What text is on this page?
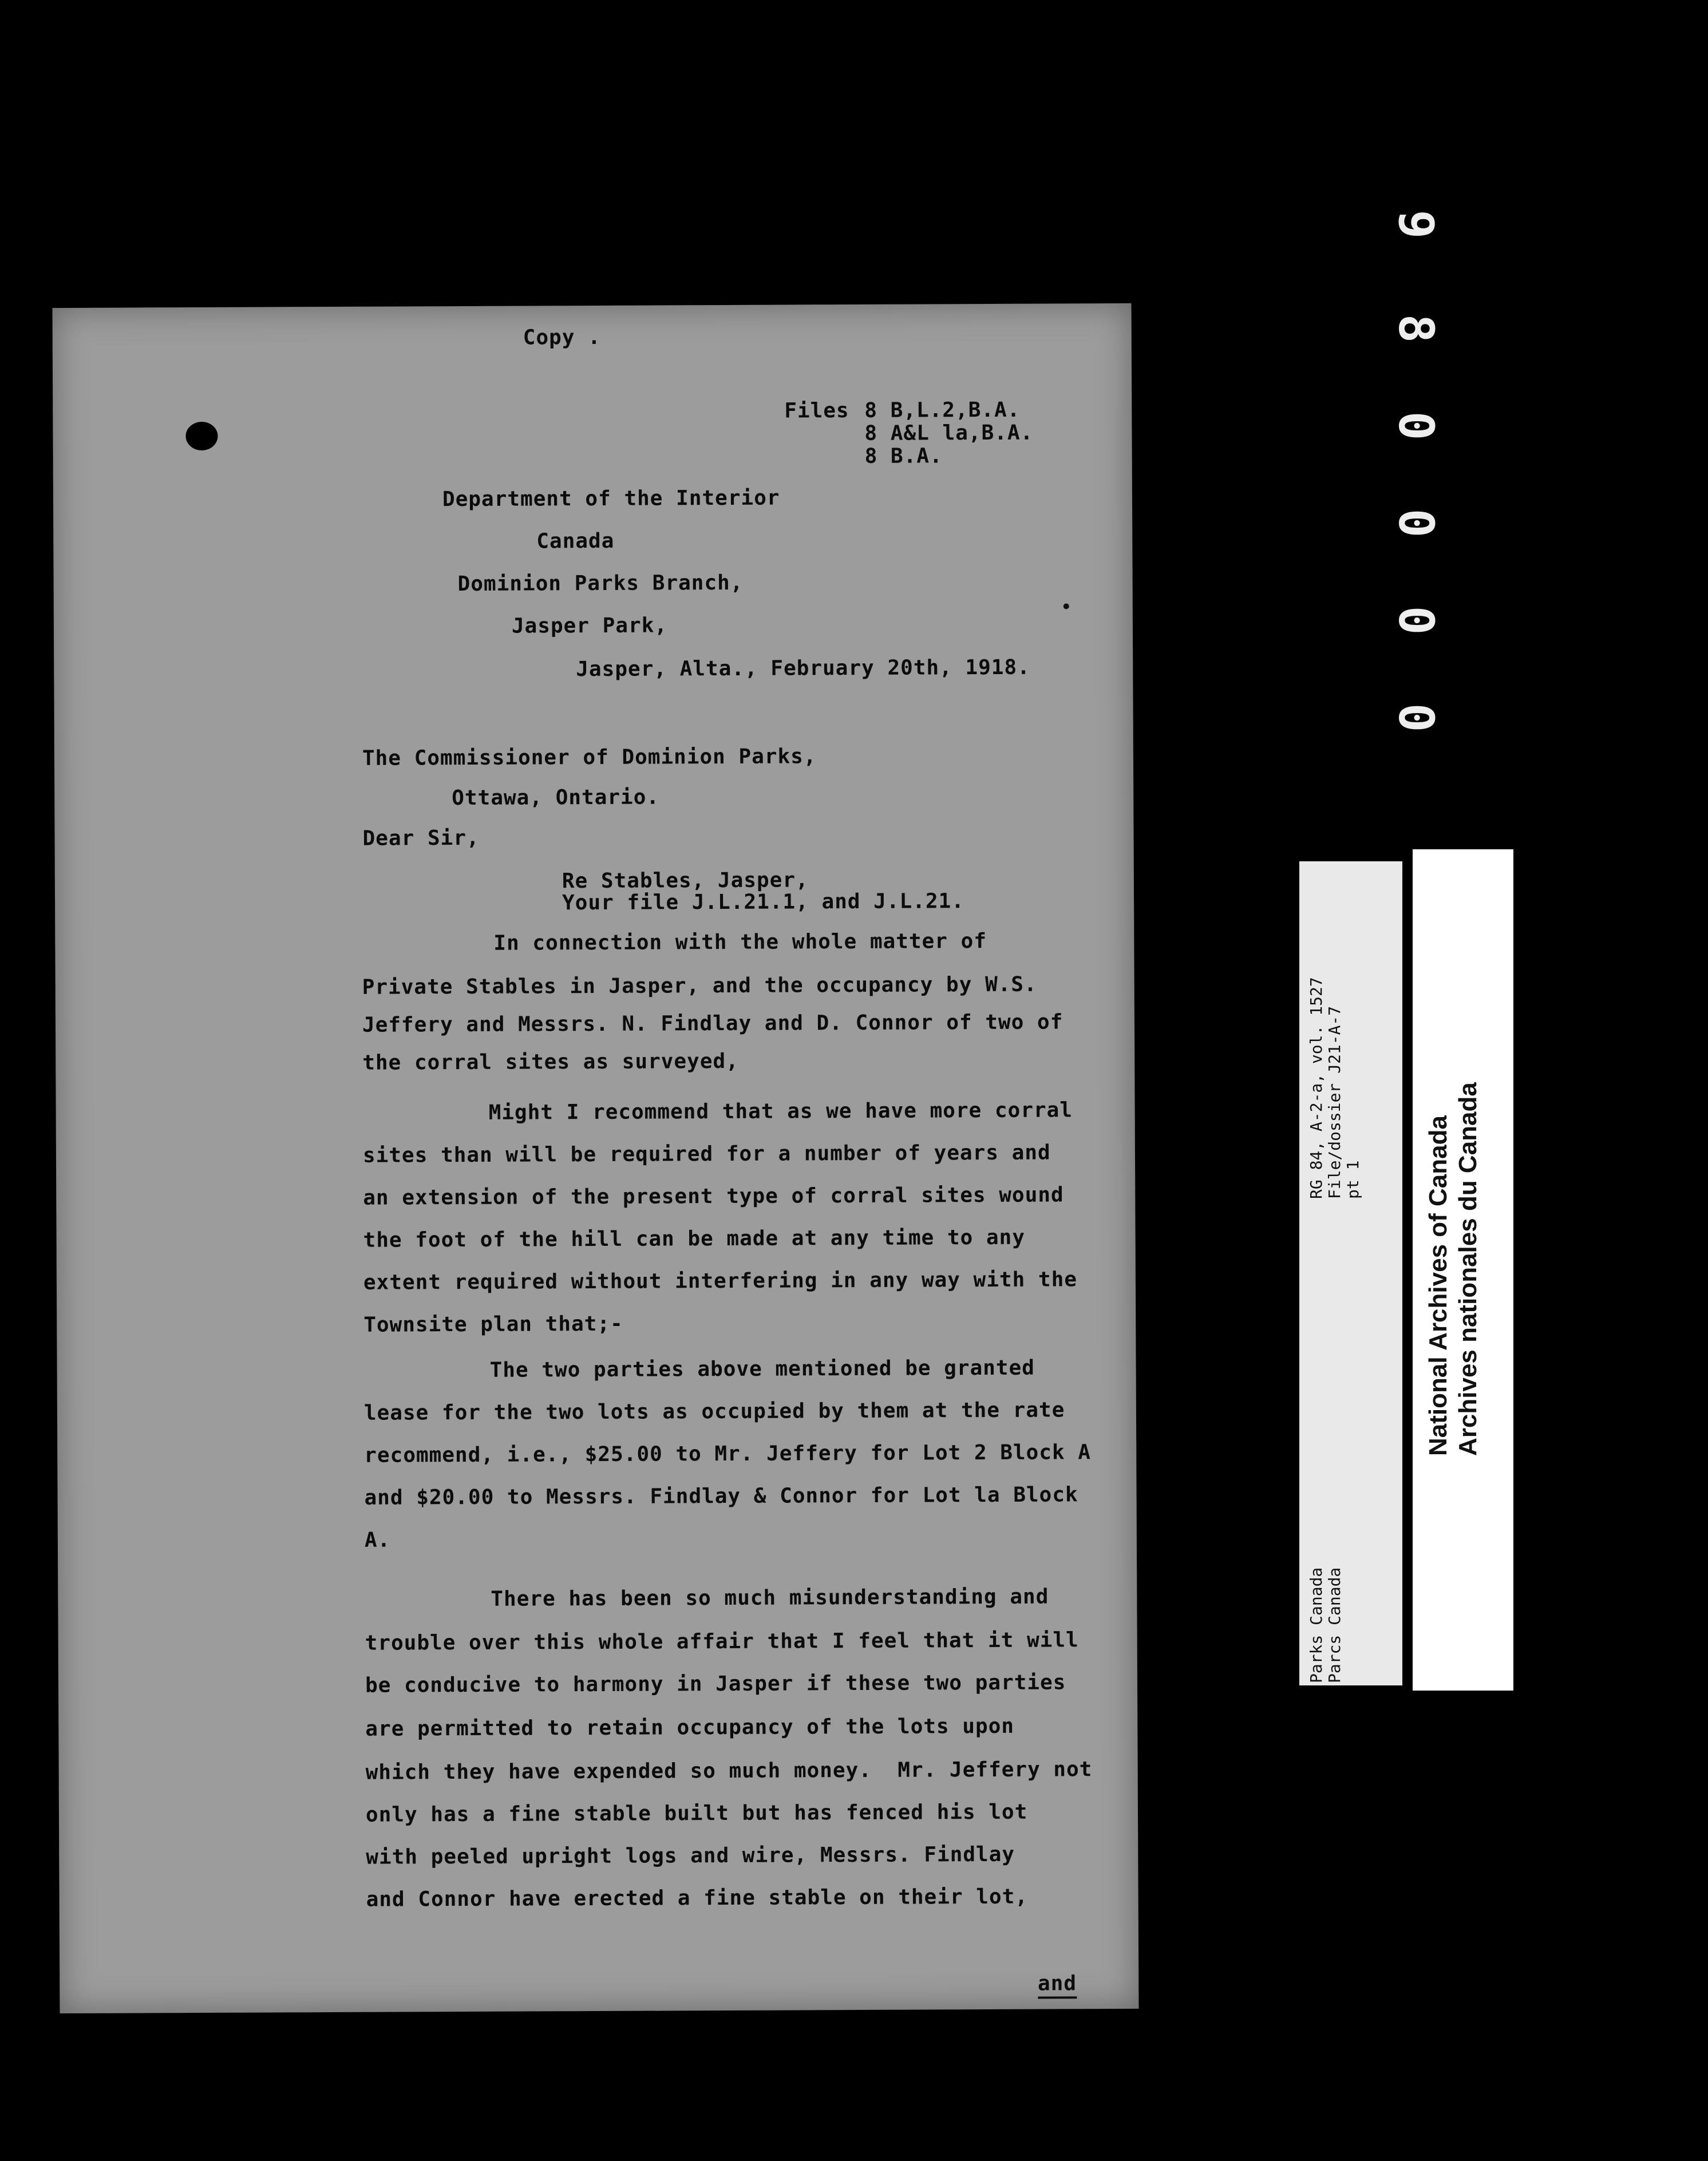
Copy .
Files 8 B,L.2,B.A.
8 A&L la,B.A.
8 B.A.
Department of the Interior
Canada
Dominion Parks Branch,
Jasper Park,
Jasper, Alta., February 20th, 1918.
The Commissioner of Dominion Parks,
Ottawa, Ontario.
Dear Sir,
Re Stables, Jasper,
Your file J.L.21.1, and J.L.21.
In connection with the whole matter of
Private Stables in Jasper, and the occupancy by W.S.
Jeffery and Messrs. N. Findlay and D. Connor of two of
the corral sites as surveyed,
Might I recommend that as we have more corral
sites than will be required for a number of years and
an extension of the present type of corral sites wound
the foot of the hill can be made at any time to any
extent required without interfering in any way with the
Townsite plan that;-
The two parties above mentioned be granted
lease for the two lots as occupied by them at the rate
recommend, i.e., $25.00 to Mr. Jeffery for Lot 2 Block A
and $20.00 to Messrs. Findlay & Connor for Lot la Block
A.
There has been so much misunderstanding and
trouble over this whole affair that I feel that it will
be conducive to harmony in Jasper if these two parties
are permitted to retain occupancy of the lots upon
which they have expended so much money.  Mr. Jeffery not
only has a fine stable built but has fenced his lot
with peeled upright logs and wire, Messrs. Findlay
and Connor have erected a fine stable on their lot,

and

0
0
0
0
8
9
RG 84, A-2-a, vol. 1527 File/dossier J21-A-7 pt 1
Parks Canada Parcs Canada
National Archives of Canada Archives nationales du Canada
